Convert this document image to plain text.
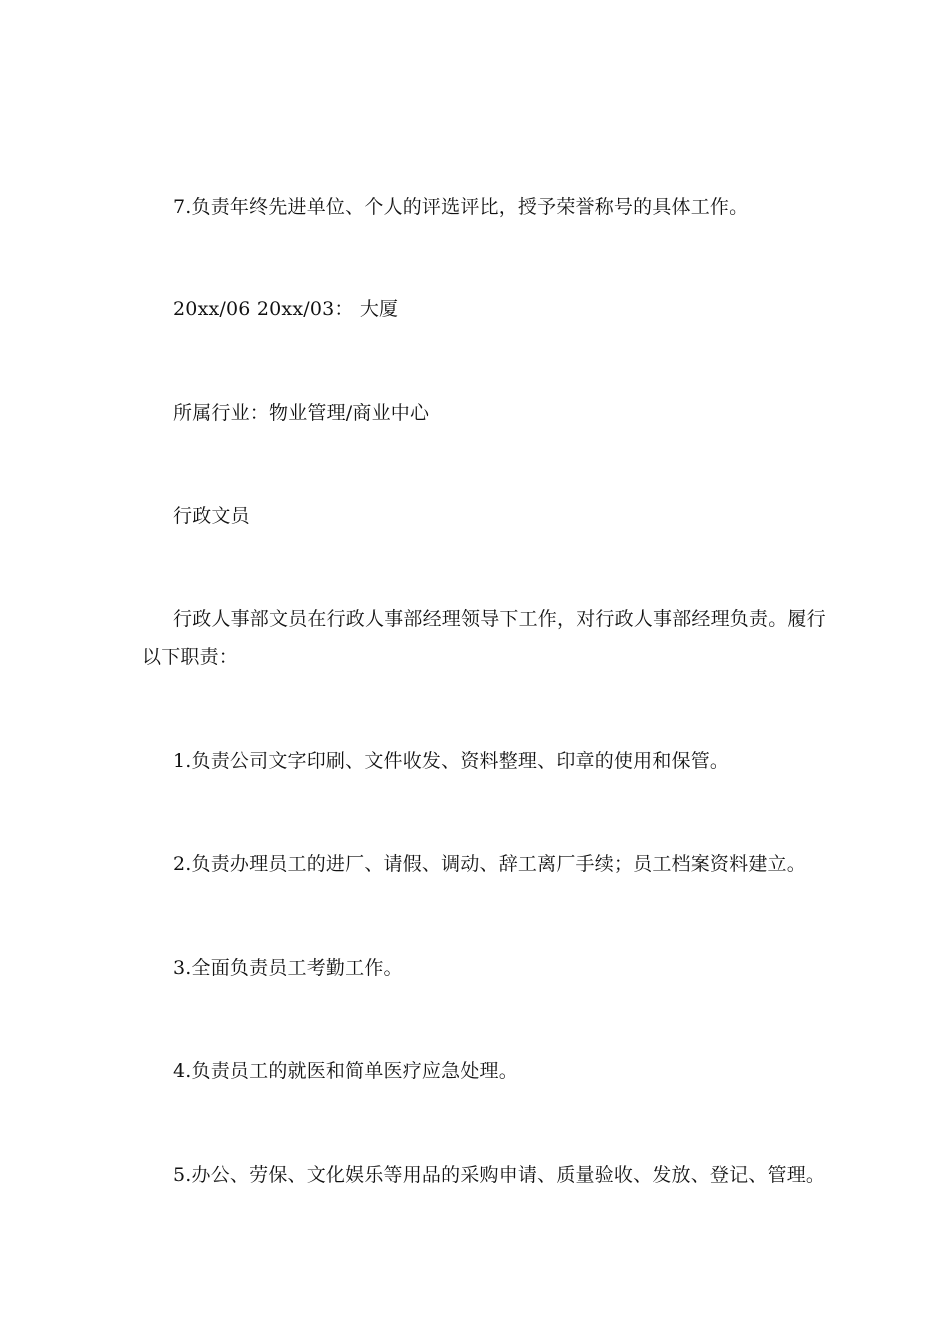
7.负责年终先进单位、个人的评选评比，授予荣誉称号的具体工作。

20xx/06 20xx/03： 大厦

所属行业：物业管理/商业中心

行政文员

行政人事部文员在行政人事部经理领导下工作，对行政人事部经理负责。履行以下职责：

1.负责公司文字印刷、文件收发、资料整理、印章的使用和保管。

2.负责办理员工的进厂、请假、调动、辞工离厂手续；员工档案资料建立。

3.全面负责员工考勤工作。

4.负责员工的就医和简单医疗应急处理。

5.办公、劳保、文化娱乐等用品的采购申请、质量验收、发放、登记、管理。
